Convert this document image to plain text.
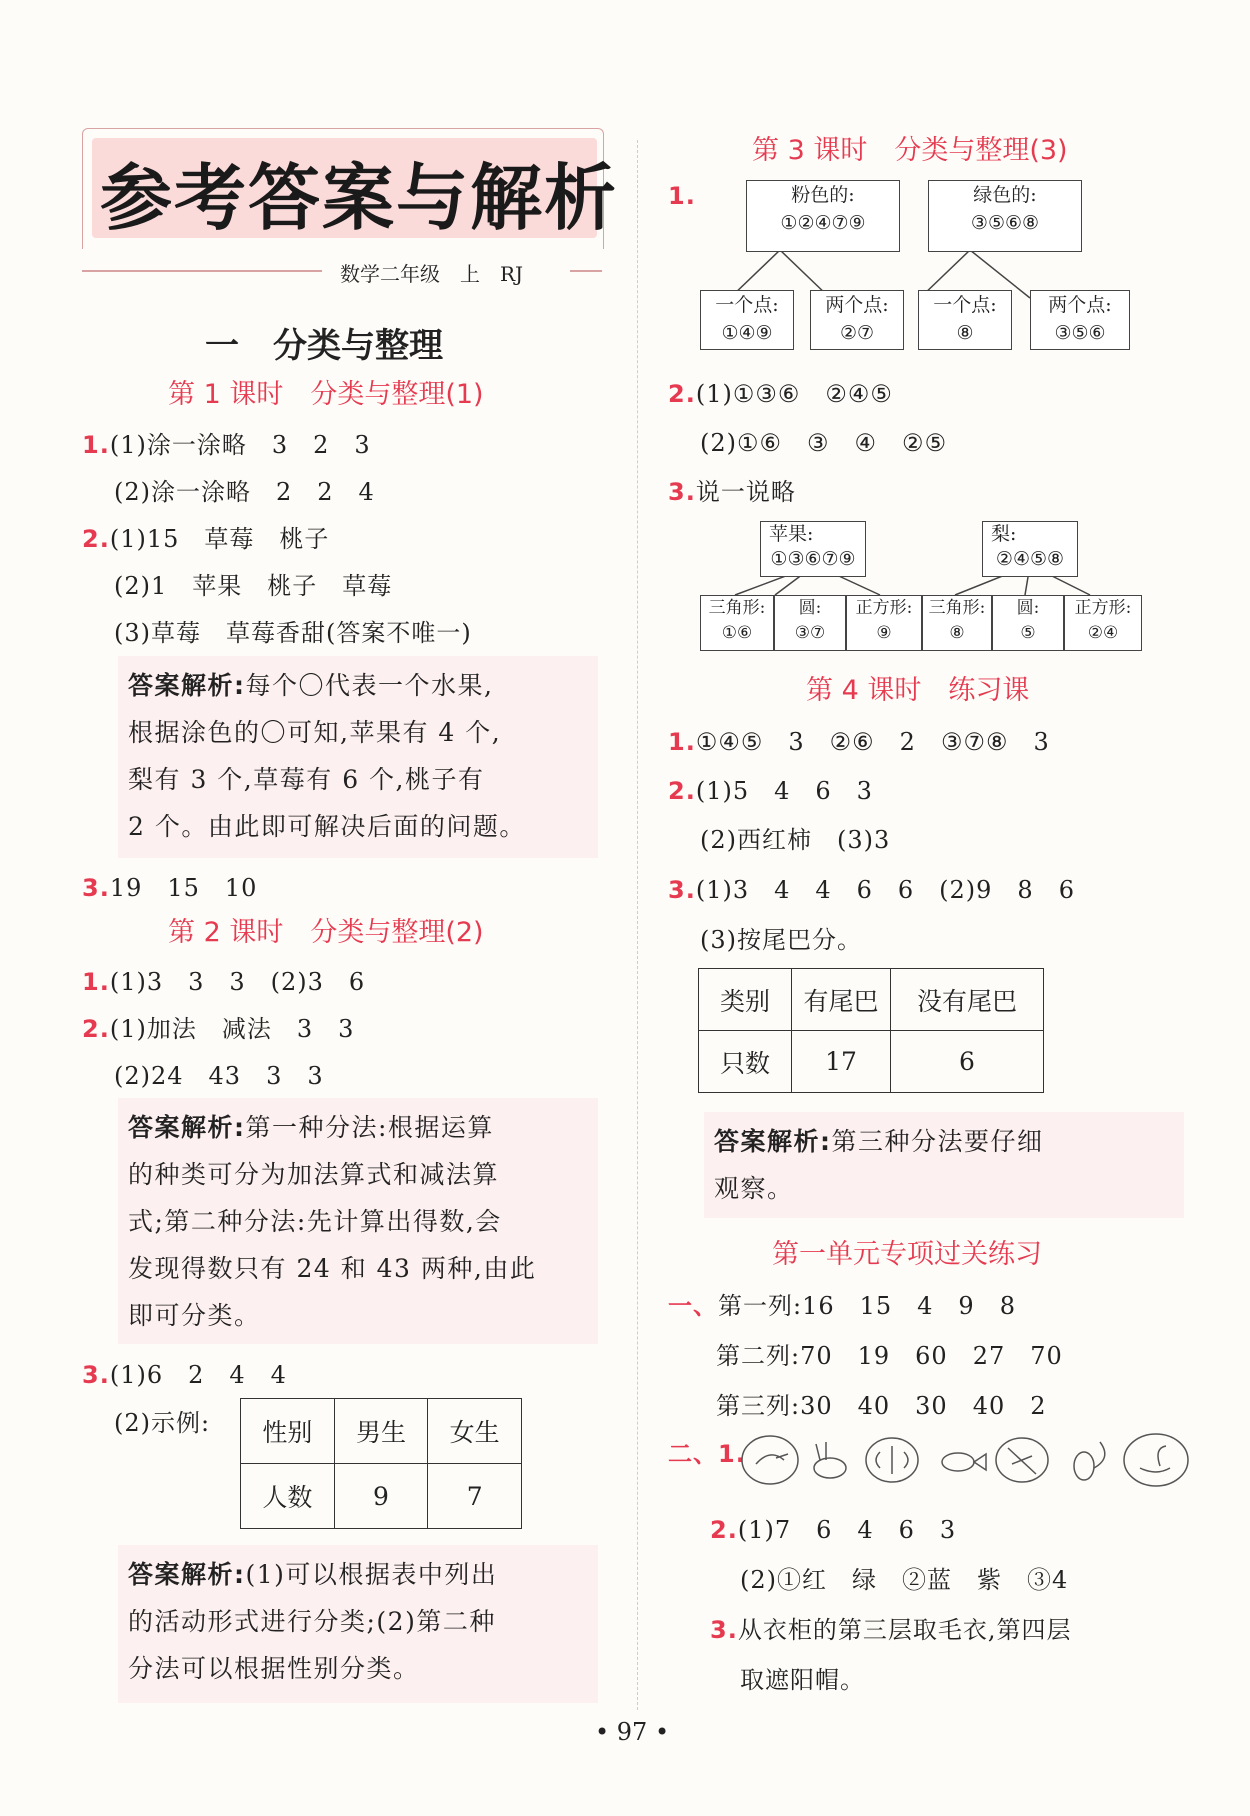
参考答案与解析
数学二年级　上　RJ
一　分类与整理
第 1 课时　分类与整理(1)
1.(1)涂一涂略　3　2　3
(2)涂一涂略　2　2　4
2.(1)15　草莓　桃子
(2)1　苹果　桃子　草莓
(3)草莓　草莓香甜(答案不唯一)
答案解析:每个〇代表一个水果,
根据涂色的〇可知,苹果有 4 个,
梨有 3 个,草莓有 6 个,桃子有
2 个。由此即可解决后面的问题。
3.19　15　10
第 2 课时　分类与整理(2)
1.(1)3　3　3　(2)3　6
2.(1)加法　减法　3　3
(2)24　43　3　3
答案解析:第一种分法:根据运算
的种类可分为加法算式和减法算
式;第二种分法:先计算出得数,会
发现得数只有 24 和 43 两种,由此
即可分类。
3.(1)6　2　4　4
(2)示例: 性别	男生	女生
人数	9	7
答案解析:(1)可以根据表中列出
的活动形式进行分类;(2)第二种
分法可以根据性别分类。
第 3 课时　分类与整理(3)
1.	粉色的:
①②④⑦⑨
绿色的:
③⑤⑥⑧
一个点:
①④⑨
两个点:
②⑦
一个点:
⑧
两个点:
③⑤⑥
2.(1)①③⑥　②④⑤
(2)①⑥　③　④　②⑤
3.说一说略
苹果:
①③⑥⑦⑨
梨:
②④⑤⑧
三角形:
①⑥
圆:
③⑦
正方形:
⑨
三角形:
⑧
圆:
⑤
正方形:
②④
第 4 课时　练习课
1.①④⑤　3　②⑥　2　③⑦⑧　3
2.(1)5　4　6　3
(2)西红柿　(3)3
3.(1)3　4　4　6　6　(2)9　8　6
(3)按尾巴分。
类别	有尾巴	没有尾巴
只数	17	6
答案解析:第三种分法要仔细
观察。
第一单元专项过关练习
一、第一列:16　15　4　9　8
第二列:70　19　60　27　70
第三列:30　40　30　40　2
二、1.
2.(1)7　6　4　6　3
(2)①红　绿　②蓝　紫　③4
3.从衣柜的第三层取毛衣,第四层
取遮阳帽。
• 97 •
